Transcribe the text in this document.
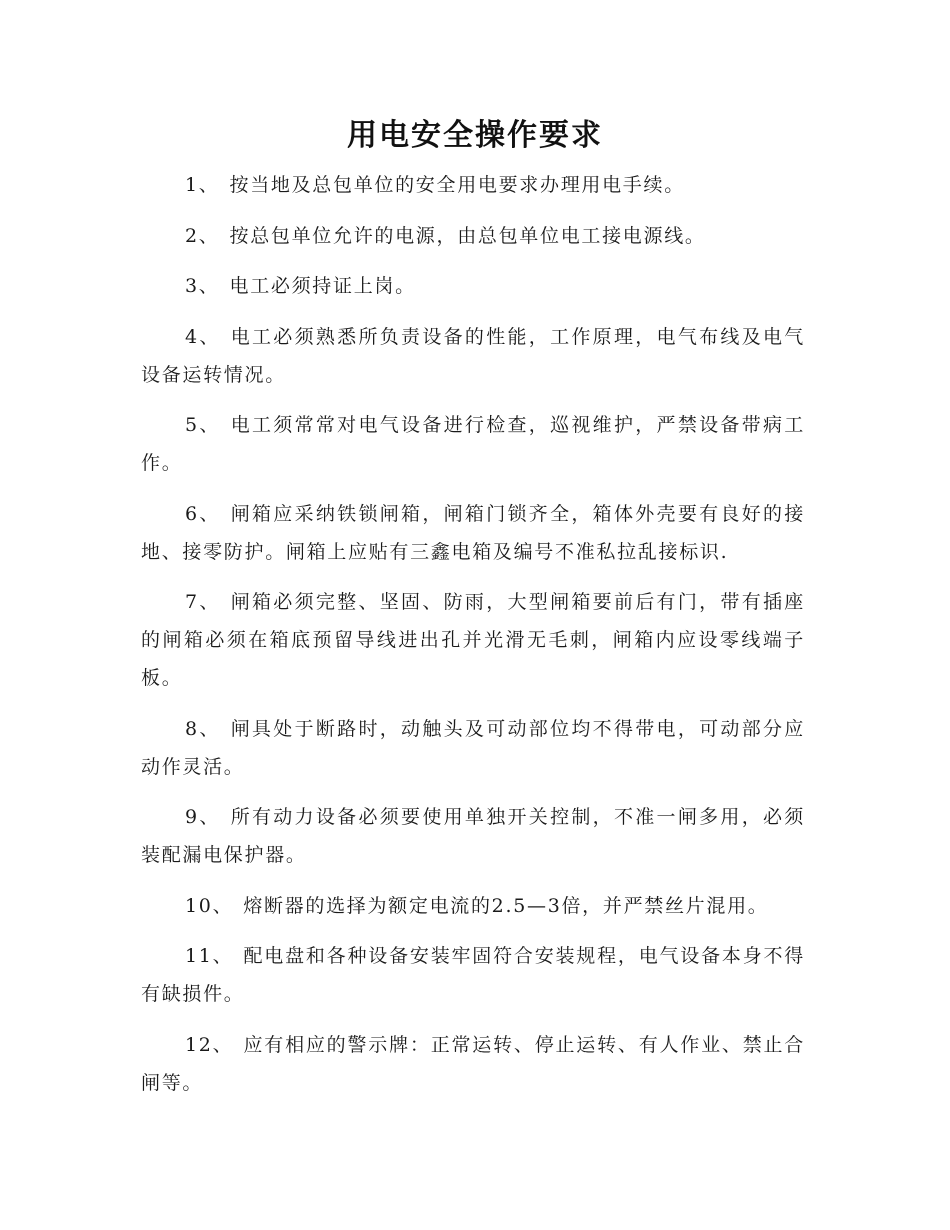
用电安全操作要求

1、 按当地及总包单位的安全用电要求办理用电手续。

2、 按总包单位允许的电源，由总包单位电工接电源线。

3、 电工必须持证上岗。

4、 电工必须熟悉所负责设备的性能，工作原理，电气布线及电气设备运转情况。

5、 电工须常常对电气设备进行检查，巡视维护，严禁设备带病工作。

6、 闸箱应采纳铁锁闸箱，闸箱门锁齐全，箱体外壳要有良好的接地、接零防护。闸箱上应贴有三鑫电箱及编号不准私拉乱接标识.

7、 闸箱必须完整、坚固、防雨，大型闸箱要前后有门，带有插座的闸箱必须在箱底预留导线进出孔并光滑无毛刺，闸箱内应设零线端子板。

8、 闸具处于断路时，动触头及可动部位均不得带电，可动部分应动作灵活。

9、 所有动力设备必须要使用单独开关控制，不准一闸多用，必须装配漏电保护器。

10、 熔断器的选择为额定电流的2.5—3倍，并严禁丝片混用。

11、 配电盘和各种设备安装牢固符合安装规程，电气设备本身不得有缺损件。

12、 应有相应的警示牌：正常运转、停止运转、有人作业、禁止合闸等。
